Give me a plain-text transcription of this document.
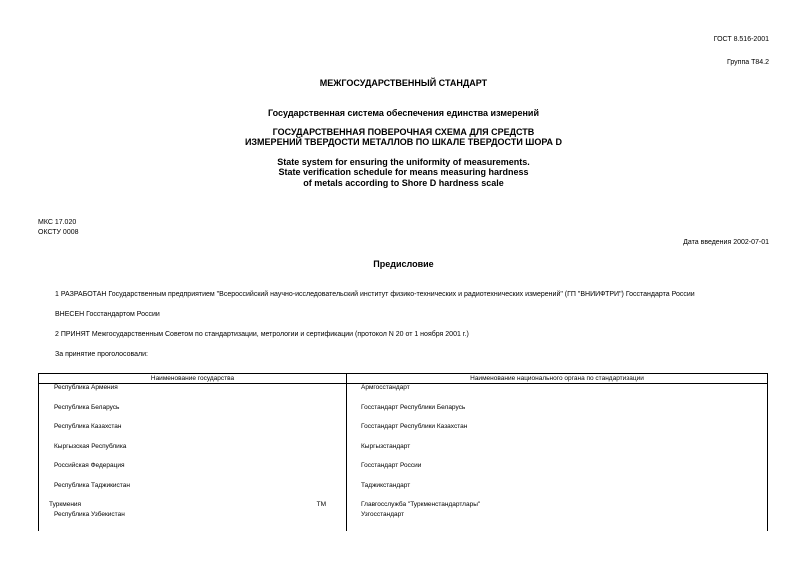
ГОСТ 8.516-2001
Группа Т84.2
МЕЖГОСУДАРСТВЕННЫЙ СТАНДАРТ
Государственная система обеспечения единства измерений
ГОСУДАРСТВЕННАЯ ПОВЕРОЧНАЯ СХЕМА ДЛЯ СРЕДСТВ
ИЗМЕРЕНИЙ ТВЕРДОСТИ МЕТАЛЛОВ ПО ШКАЛЕ ТВЕРДОСТИ ШОРА D
State system for ensuring the uniformity of measurements.
State verification schedule for means measuring hardness
of metals according to Shore D hardness scale
МКС 17.020
ОКСТУ 0008
Дата введения 2002-07-01
Предисловие
1 РАЗРАБОТАН Государственным предприятием "Всероссийский научно-исследовательский институт физико-технических и радиотехнических измерений" (ГП "ВНИИФТРИ") Госстандарта России
ВНЕСЕН Госстандартом России
2 ПРИНЯТ Межгосударственным Советом по стандартизации, метрологии и сертификации (протокол N 20 от 1 ноября 2001 г.)
За принятие проголосовали:
Наименование государства	Наименование национального органа по стандартизации
Республика Армения	Армгосстандарт
Республика Беларусь	Госстандарт Республики Беларусь
Республика Казахстан	Госстандарт Республики Казахстан
Кыргызская Республика	Кыргызстандарт
Российская Федерация	Госстандарт России
Республика Таджикистан	Таджикстандарт
Туркмения ТМ	Главгосслужба "Туркменстандартлары"
Республика Узбекистан	Узгосстандарт
